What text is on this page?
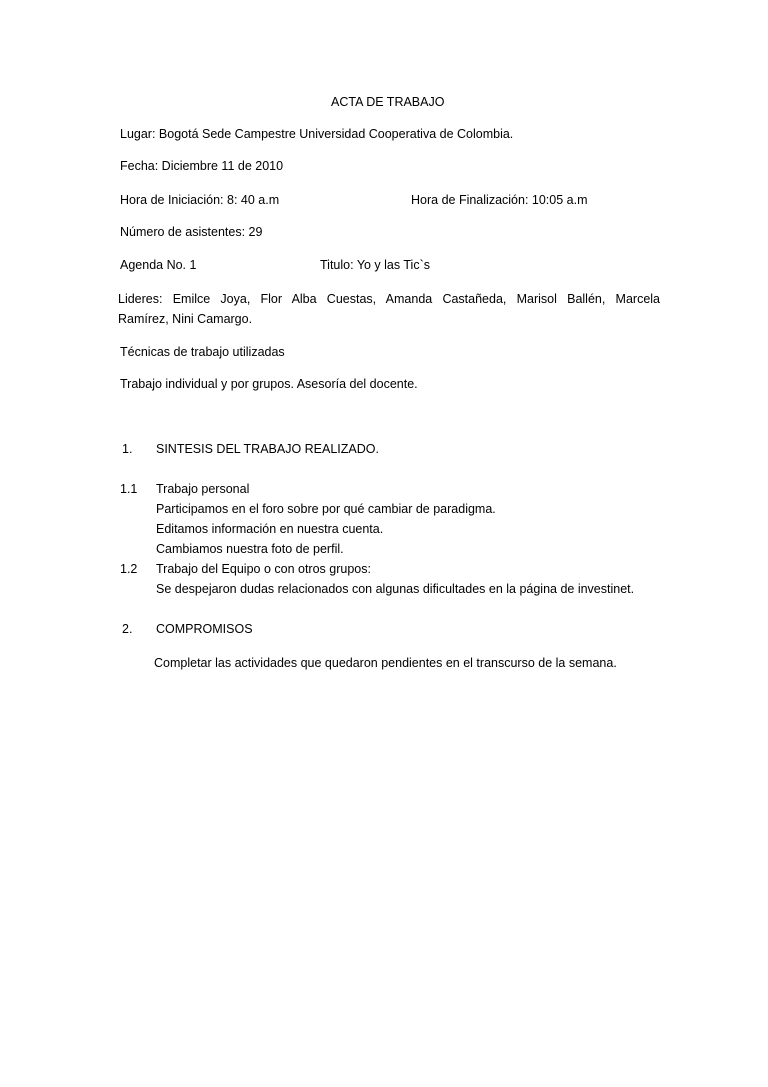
ACTA DE TRABAJO
Lugar: Bogotá Sede Campestre Universidad Cooperativa de Colombia.
Fecha: Diciembre 11 de 2010
Hora de Iniciación: 8: 40 a.m	Hora de Finalización: 10:05 a.m
Número de asistentes: 29
Agenda No. 1	Titulo: Yo y las Tic`s
Lideres: Emilce Joya, Flor Alba Cuestas, Amanda Castañeda, Marisol Ballén, Marcela
Ramírez, Nini Camargo.
Técnicas de trabajo utilizadas
Trabajo individual y por grupos. Asesoría del docente.
1. SINTESIS DEL TRABAJO REALIZADO.
1.1 Trabajo personal
Participamos en el foro sobre por qué cambiar de paradigma.
Editamos información en nuestra cuenta.
Cambiamos nuestra foto de perfil.
1.2 Trabajo del Equipo o con otros grupos:
Se despejaron dudas relacionados con algunas dificultades en la página de investinet.
2. COMPROMISOS
Completar las actividades que quedaron pendientes en el transcurso de la semana.
